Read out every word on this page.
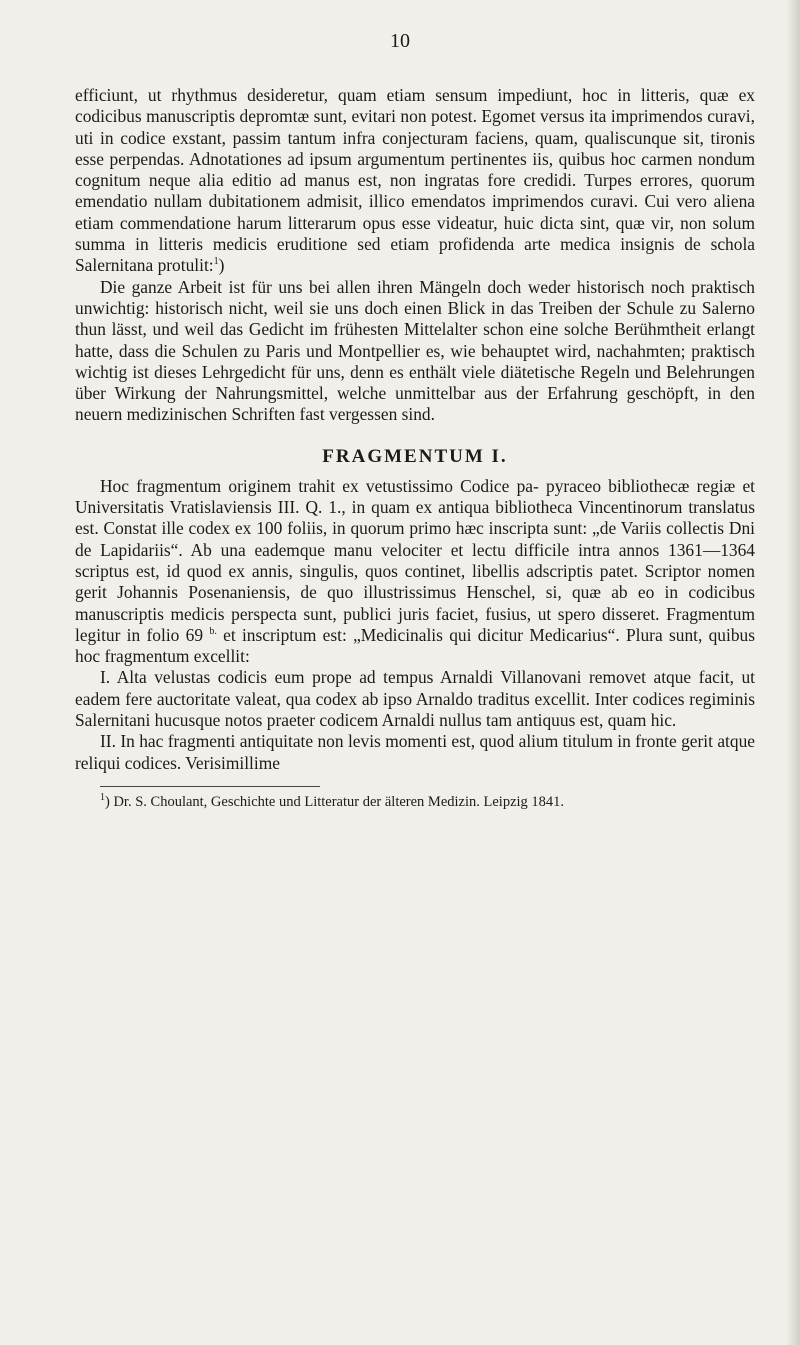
10

efficiunt, ut rhythmus desideretur, quam etiam sensum impediunt, hoc in litteris, quæ ex codicibus manuscriptis depromtæ sunt, evitari non potest. Egomet versus ita imprimendos curavi, uti in codice exstant, passim tantum infra conjecturam faciens, quam, qualiscunque sit, tironis esse perpendas. Adnotationes ad ipsum argumentum pertinentes iis, quibus hoc carmen nondum cognitum neque alia editio ad manus est, non ingratas fore credidi. Turpes errores, quorum emendatio nullam dubitationem admisit, illico emendatos imprimendos curavi. Cui vero aliena etiam commendatione harum litterarum opus esse videatur, huic dicta sint, quæ vir, non solum summa in litteris medicis eruditione sed etiam profidenda arte medica insignis de schola Salernitana protulit:$^1$)

Die ganze Arbeit ist für uns bei allen ihren Mängeln doch weder historisch noch praktisch unwichtig: historisch nicht, weil sie uns doch einen Blick in das Treiben der Schule zu Salerno thun lässt, und weil das Gedicht im frühesten Mittelalter schon eine solche Berühmtheit erlangt hatte, dass die Schulen zu Paris und Montpellier es, wie behauptet wird, nachahmten; praktisch wichtig ist dieses Lehrgedicht für uns, denn es enthält viele diätetische Regeln und Belehrungen über Wirkung der Nahrungsmittel, welche unmittelbar aus der Erfahrung geschöpft, in den neuern medizinischen Schriften fast vergessen sind.

FRAGMENTUM I.

Hoc fragmentum originem trahit ex vetustissimo Codice pa- pyraceo bibliothecæ regiæ et Universitatis Vratislaviensis III. Q. 1., in quam ex antiqua bibliotheca Vincentinorum translatus est. Constat ille codex ex 100 foliis, in quorum primo hæc inscripta sunt: „de Variis collectis Dni de Lapidariis“. Ab una eademque manu velociter et lectu difficile intra annos 1361—1364 scriptus est, id quod ex annis, singulis, quos continet, libellis adscriptis patet. Scriptor nomen gerit Johannis Posenaniensis, de quo illustrissimus Henschel, si, quæ ab eo in codicibus manuscriptis medicis perspecta sunt, publici juris faciet, fusius, ut spero disseret. Fragmentum legitur in folio 69 $^{b.}$ et inscriptum est: „Medicinalis qui dicitur Medicarius“. Plura sunt, quibus hoc fragmentum excellit:

I. Alta velustas codicis eum prope ad tempus Arnaldi Villanovani removet atque facit, ut eadem fere auctoritate valeat, qua codex ab ipso Arnaldo traditus excellit. Inter codices regiminis Salernitani hucusque notos praeter codicem Arnaldi nullus tam antiquus est, quam hic.

II. In hac fragmenti antiquitate non levis momenti est, quod alium titulum in fronte gerit atque reliqui codices. Verisimillime

$^1$) Dr. S. Choulant, Geschichte und Litteratur der älteren Medizin. Leipzig 1841.
